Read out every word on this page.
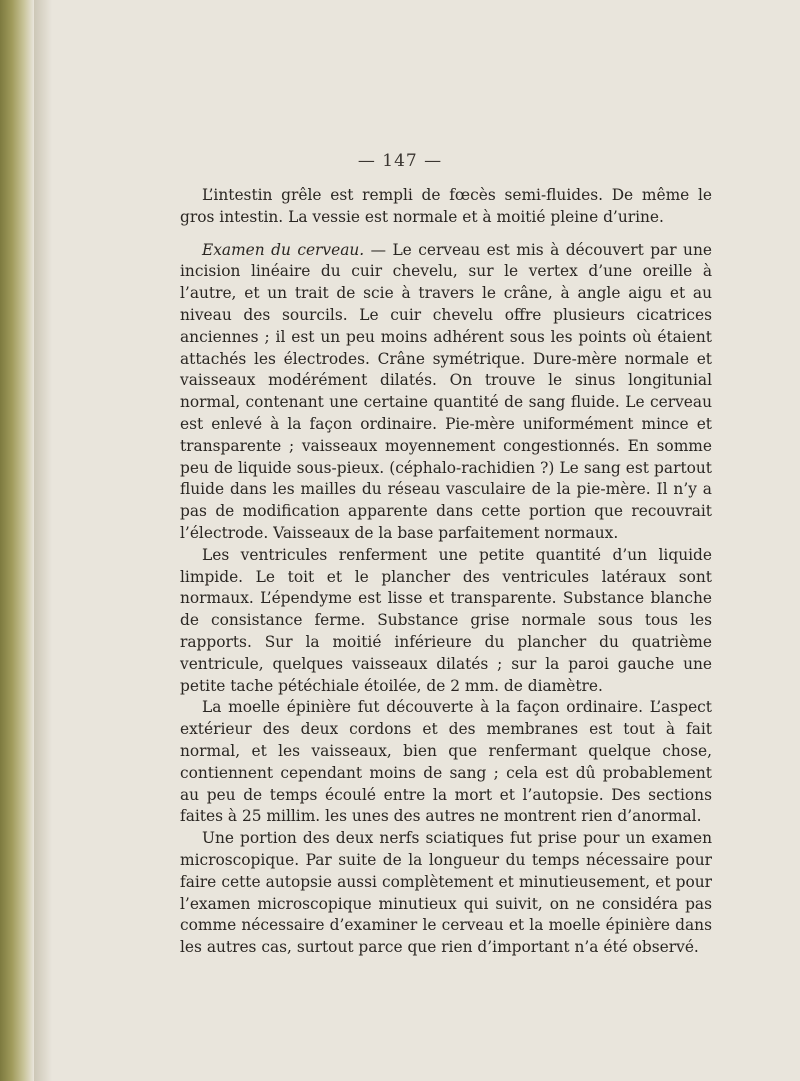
— 147 —

L’intestin grêle est rempli de fœcès semi-fluides. De même le gros intestin. La vessie est normale et à moitié pleine d’urine.

Examen du cerveau. — Le cerveau est mis à découvert par une incision linéaire du cuir chevelu, sur le vertex d’une oreille à l’autre, et un trait de scie à travers le crâne, à angle aigu et au niveau des sourcils. Le cuir chevelu offre plusieurs cicatrices anciennes ; il est un peu moins adhérent sous les points où étaient attachés les électrodes. Crâne symétrique. Dure-mère normale et vaisseaux modérément dilatés. On trouve le sinus longitunial normal, contenant une certaine quantité de sang fluide. Le cerveau est enlevé à la façon ordinaire. Pie-mère uniformément mince et transparente ; vaisseaux moyennement congestionnés. En somme peu de liquide sous-pieux. (céphalo-rachidien ?) Le sang est partout fluide dans les mailles du réseau vasculaire de la pie-mère. Il n’y a pas de modification apparente dans cette portion que recouvrait l’électrode. Vaisseaux de la base parfaitement normaux.

Les ventricules renferment une petite quantité d’un liquide limpide. Le toit et le plancher des ventricules latéraux sont normaux. L’épendyme est lisse et transparente. Substance blanche de consistance ferme. Substance grise normale sous tous les rapports. Sur la moitié inférieure du plancher du quatrième ventricule, quelques vaisseaux dilatés ; sur la paroi gauche une petite tache pétéchiale étoilée, de 2 mm. de diamètre.

La moelle épinière fut découverte à la façon ordinaire. L’aspect extérieur des deux cordons et des membranes est tout à fait normal, et les vaisseaux, bien que renfermant quelque chose, contiennent cependant moins de sang ; cela est dû probablement au peu de temps écoulé entre la mort et l’autopsie. Des sections faites à 25 millim. les unes des autres ne montrent rien d’anormal.

Une portion des deux nerfs sciatiques fut prise pour un examen microscopique. Par suite de la longueur du temps nécessaire pour faire cette autopsie aussi complètement et minutieusement, et pour l’examen microscopique minutieux qui suivit, on ne considéra pas comme nécessaire d’examiner le cerveau et la moelle épinière dans les autres cas, surtout parce que rien d’important n’a été observé.
